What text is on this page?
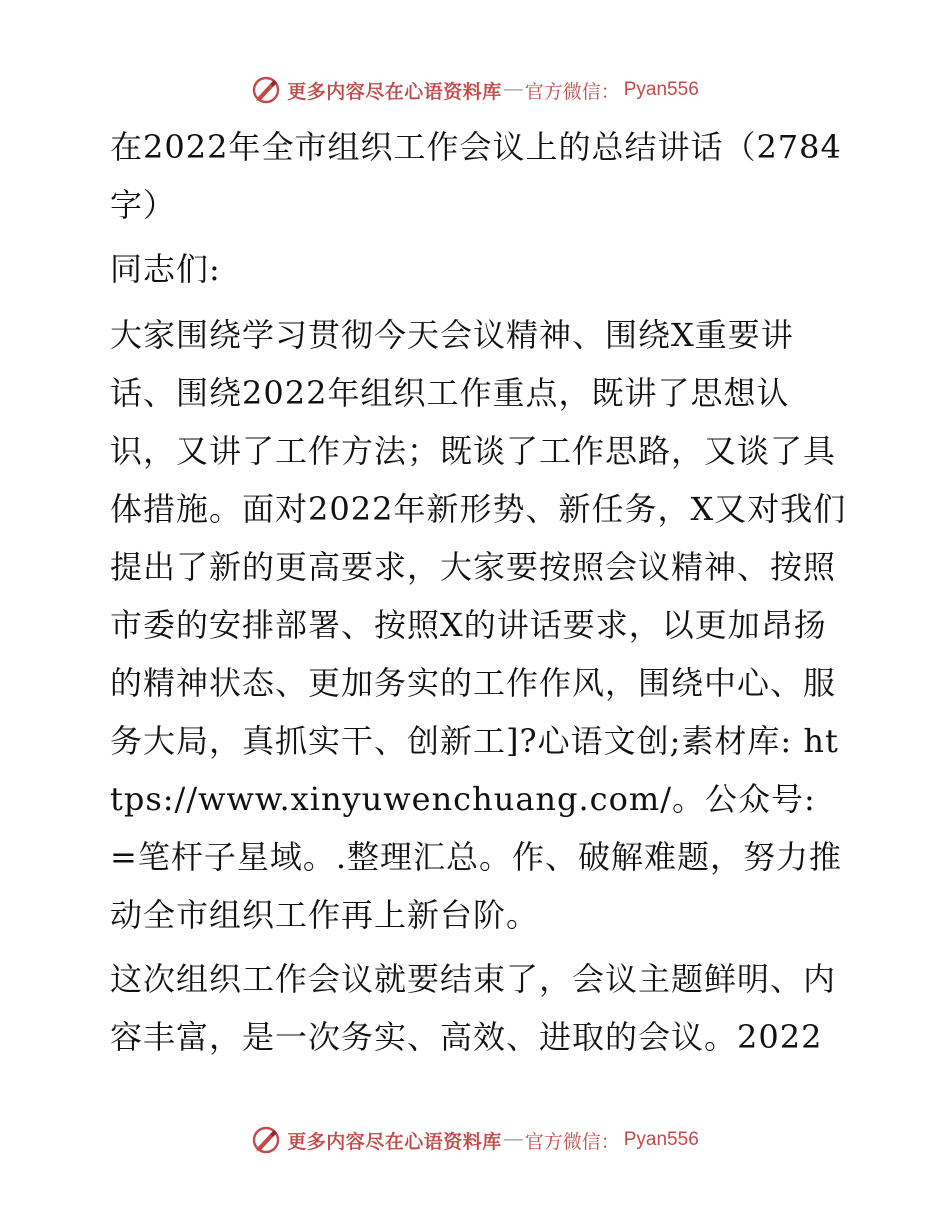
更多内容尽在心语资料库 — 官方微信： Pyan556

在2022年全市组织工作会议上的总结讲话（2784字）

同志们:

大家围绕学习贯彻今天会议精神、围绕X重要讲话、围绕2022年组织工作重点，既讲了思想认识，又讲了工作方法；既谈了工作思路，又谈了具体措施。面对2022年新形势、新任务，X又对我们提出了新的更高要求，大家要按照会议精神、按照市委的安排部署、按照X的讲话要求，以更加昂扬的精神状态、更加务实的工作作风，围绕中心、服务大局，真抓实干、创新工]?心语文创;素材库: https://www.xinyuwenchuang.com/。公众号: =笔杆子星域。.整理汇总。作、破解难题，努力推动全市组织工作再上新台阶。

这次组织工作会议就要结束了，会议主题鲜明、内容丰富，是一次务实、高效、进取的会议。2022

更多内容尽在心语资料库 — 官方微信： Pyan556
